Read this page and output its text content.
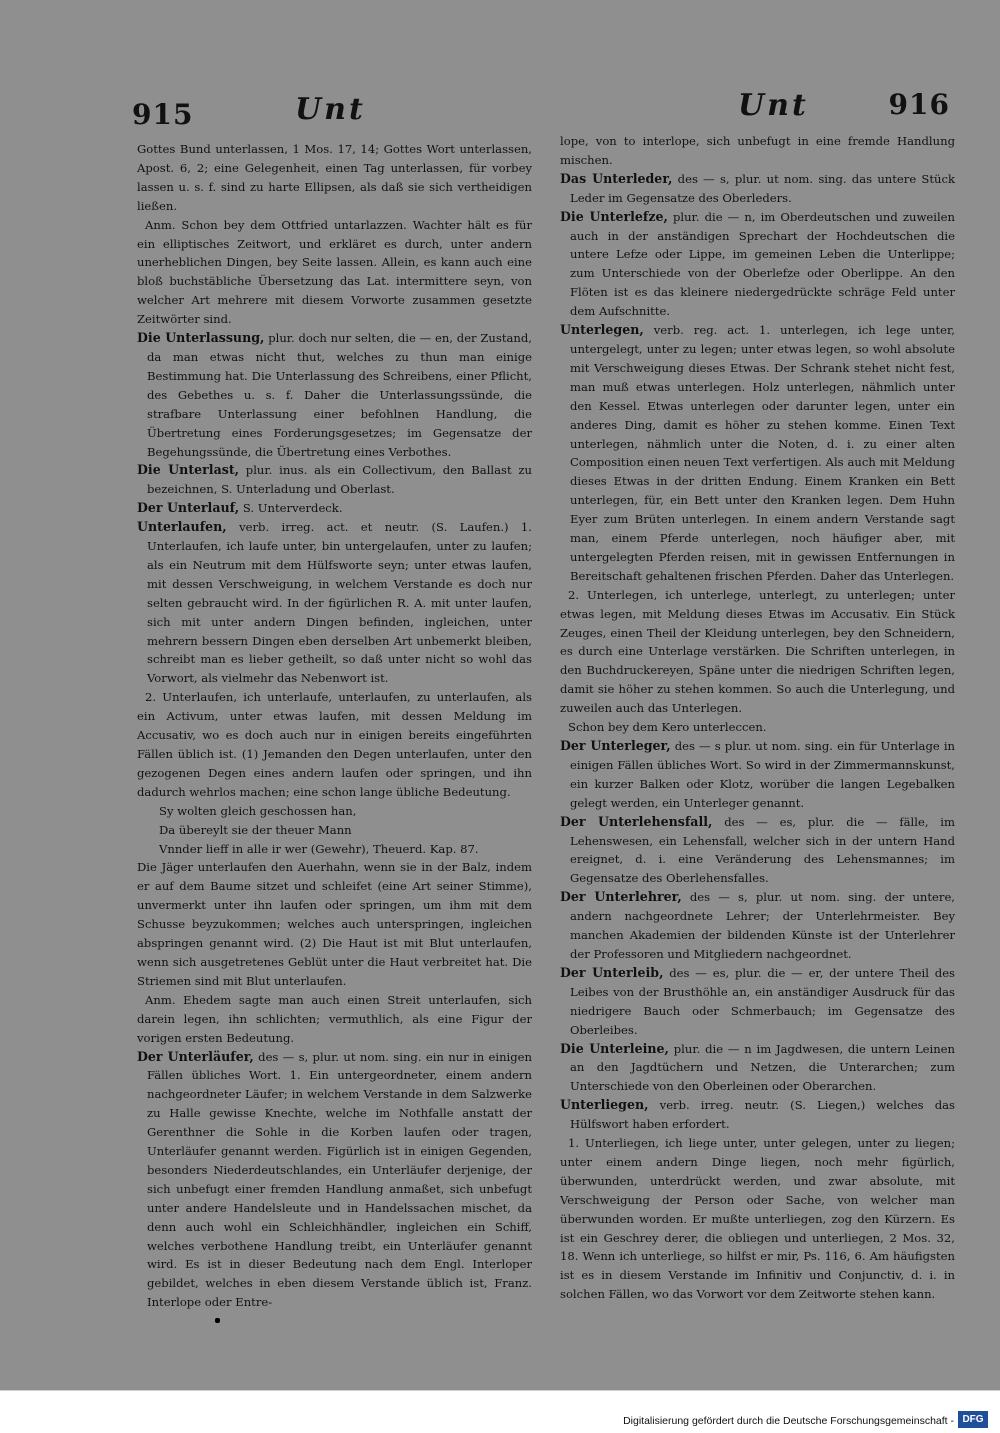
915	Unt	Unt	916
Gottes Bund unterlassen, 1 Mos. 17, 14; Gottes Wort unterlassen, Apost. 6, 2; eine Gelegenheit, einen Tag unterlassen, für vorbey lassen u. s. f. sind zu harte Ellipsen, als daß sie sich vertheidigen ließen.
Anm. Schon bey dem Ottfried untarlazzen. Wachter hält es für ein elliptisches Zeitwort, und erkläret es durch, unter andern unerheblichen Dingen, bey Seite lassen. Allein, es kann auch eine bloß buchstäbliche Übersetzung das Lat. intermittere seyn, von welcher Art mehrere mit diesem Vorworte zusammen gesetzte Zeitwörter sind.
Die Unterlassung, plur. doch nur selten, die — en, der Zustand, da man etwas nicht thut, welches zu thun man einige Bestimmung hat. Die Unterlassung des Schreibens, einer Pflicht, des Gebethes u. s. f. Daher die Unterlassungssünde, die strafbare Unterlassung einer befohlnen Handlung, die Übertretung eines Forderungsgesetzes; im Gegensatze der Begehungssünde, die Übertretung eines Verbothes.
Die Unterlast, plur. inus. als ein Collectivum, den Ballast zu bezeichnen, S. Unterladung und Oberlast.
Der Unterlauf, S. Unterverdeck.
Unterlaufen, verb. irreg. act. et neutr. (S. Laufen.) 1. Unterlaufen, ich laufe unter, bin untergelaufen, unter zu laufen; als ein Neutrum mit dem Hülfsworte seyn; unter etwas laufen, mit dessen Verschweigung, in welchem Verstande es doch nur selten gebraucht wird. In der figürlichen R. A. mit unter laufen, sich mit unter andern Dingen befinden, ingleichen, unter mehrern bessern Dingen eben derselben Art unbemerkt bleiben, schreibt man es lieber getheilt, so daß unter nicht so wohl das Vorwort, als vielmehr das Nebenwort ist.
2. Unterlaufen, ich unterlaufe, unterlaufen, zu unterlaufen, als ein Activum, unter etwas laufen, mit dessen Meldung im Accusativ, wo es doch auch nur in einigen bereits eingeführten Fällen üblich ist. (1) Jemanden den Degen unterlaufen, unter den gezogenen Degen eines andern laufen oder springen, und ihn dadurch wehrlos machen; eine schon lange übliche Bedeutung.
Sy wolten gleich geschossen han,
Da übereylt sie der theuer Mann
Vnnder lieff in alle ir wer (Gewehr), Theuerd. Kap. 87.
Die Jäger unterlaufen den Auerhahn, wenn sie in der Balz, indem er auf dem Baume sitzet und schleifet (eine Art seiner Stimme), unvermerkt unter ihn laufen oder springen, um ihm mit dem Schusse beyzukommen; welches auch unterspringen, ingleichen abspringen genannt wird. (2) Die Haut ist mit Blut unterlaufen, wenn sich ausgetretenes Geblüt unter die Haut verbreitet hat. Die Striemen sind mit Blut unterlaufen.
Anm. Ehedem sagte man auch einen Streit unterlaufen, sich darein legen, ihn schlichten; vermuthlich, als eine Figur der vorigen ersten Bedeutung.
Der Unterläufer, des — s, plur. ut nom. sing. ein nur in einigen Fällen übliches Wort. 1. Ein untergeordneter, einem andern nachgeordneter Läufer; in welchem Verstande in dem Salzwerke zu Halle gewisse Knechte, welche im Nothfalle anstatt der Gerenthner die Sohle in die Korben laufen oder tragen, Unterläufer genannt werden. Figürlich ist in einigen Gegenden, besonders Niederdeutschlandes, ein Unterläufer derjenige, der sich unbefugt einer fremden Handlung anmaßet, sich unbefugt unter andere Handelsleute und in Handelssachen mischet, da denn auch wohl ein Schleichhändler, ingleichen ein Schiff, welches verbothene Handlung treibt, ein Unterläufer genannt wird. Es ist in dieser Bedeutung nach dem Engl. Interloper gebildet, welches in eben diesem Verstande üblich ist, Franz. Interlope oder Entre-
lope, von to interlope, sich unbefugt in eine fremde Handlung mischen.
Das Unterleder, des — s, plur. ut nom. sing. das untere Stück Leder im Gegensatze des Oberleders.
Die Unterlefze, plur. die — n, im Oberdeutschen und zuweilen auch in der anständigen Sprechart der Hochdeutschen die untere Lefze oder Lippe, im gemeinen Leben die Unterlippe; zum Unterschiede von der Oberlefze oder Oberlippe. An den Flöten ist es das kleinere niedergedrückte schräge Feld unter dem Aufschnitte.
Unterlegen, verb. reg. act. 1. unterlegen, ich lege unter, untergelegt, unter zu legen; unter etwas legen, so wohl absolute mit Verschweigung dieses Etwas. Der Schrank stehet nicht fest, man muß etwas unterlegen. Holz unterlegen, nähmlich unter den Kessel. Etwas unterlegen oder darunter legen, unter ein anderes Ding, damit es höher zu stehen komme. Einen Text unterlegen, nähmlich unter die Noten, d. i. zu einer alten Composition einen neuen Text verfertigen. Als auch mit Meldung dieses Etwas in der dritten Endung. Einem Kranken ein Bett unterlegen, für, ein Bett unter den Kranken legen. Dem Huhn Eyer zum Brüten unterlegen. In einem andern Verstande sagt man, einem Pferde unterlegen, noch häufiger aber, mit untergelegten Pferden reisen, mit in gewissen Entfernungen in Bereitschaft gehaltenen frischen Pferden. Daher das Unterlegen.
2. Unterlegen, ich unterlege, unterlegt, zu unterlegen; unter etwas legen, mit Meldung dieses Etwas im Accusativ. Ein Stück Zeuges, einen Theil der Kleidung unterlegen, bey den Schneidern, es durch eine Unterlage verstärken. Die Schriften unterlegen, in den Buchdruckereyen, Späne unter die niedrigen Schriften legen, damit sie höher zu stehen kommen. So auch die Unterlegung, und zuweilen auch das Unterlegen.
Schon bey dem Kero unterleccen.
Der Unterleger, des — s plur. ut nom. sing. ein für Unterlage in einigen Fällen übliches Wort. So wird in der Zimmermannskunst, ein kurzer Balken oder Klotz, worüber die langen Legebalken gelegt werden, ein Unterleger genannt.
Der Unterlehensfall, des — es, plur. die — fälle, im Lehenswesen, ein Lehensfall, welcher sich in der untern Hand ereignet, d. i. eine Veränderung des Lehensmannes; im Gegensatze des Oberlehensfalles.
Der Unterlehrer, des — s, plur. ut nom. sing. der untere, andern nachgeordnete Lehrer; der Unterlehrmeister. Bey manchen Akademien der bildenden Künste ist der Unterlehrer der Professoren und Mitgliedern nachgeordnet.
Der Unterleib, des — es, plur. die — er, der untere Theil des Leibes von der Brusthöhle an, ein anständiger Ausdruck für das niedrigere Bauch oder Schmerbauch; im Gegensatze des Oberleibes.
Die Unterleine, plur. die — n im Jagdwesen, die untern Leinen an den Jagdtüchern und Netzen, die Unterarchen; zum Unterschiede von den Oberleinen oder Oberarchen.
Unterliegen, verb. irreg. neutr. (S. Liegen,) welches das Hülfswort haben erfordert.
1. Unterliegen, ich liege unter, unter gelegen, unter zu liegen; unter einem andern Dinge liegen, noch mehr figürlich, überwunden, unterdrückt werden, und zwar absolute, mit Verschweigung der Person oder Sache, von welcher man überwunden worden. Er mußte unterliegen, zog den Kürzern. Es ist ein Geschrey derer, die obliegen und unterliegen, 2 Mos. 32, 18. Wenn ich unterliege, so hilfst er mir, Ps. 116, 6. Am häufigsten ist es in diesem Verstande im Infinitiv und Conjunctiv, d. i. in solchen Fällen, wo das Vorwort vor dem Zeitworte stehen kann.
Digitalisierung gefördert durch die Deutsche Forschungsgemeinschaft - DFG
